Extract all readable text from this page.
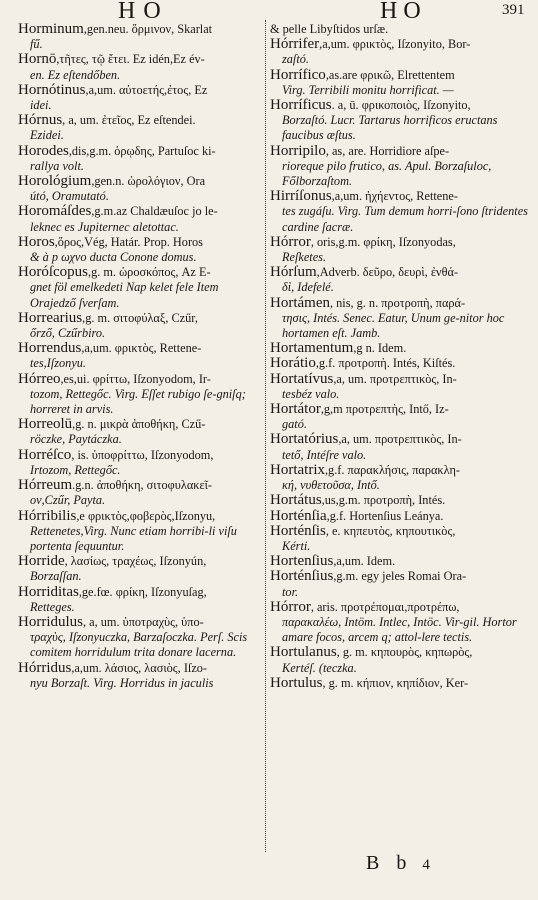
H O	H O	391

Horminum,gen.neu. ὅρμινον, Skarlat
fű.

Hornō,τῆτες, τῷ ἔτει. Ez idén,Ez év-
en. Ez eſtendőben.

Hornótinus,a,um. αὐτοετής,ἐτος, Ez
idei.

Hórnus, a, um. ἐτεῖος, Ez eſtendei.
Ezidei.

Horodes,dis,g.m. ὁρῳδης, Partuſoc ki-
rallya volt.

Horológium,gen.n. ὡρολόγιον, Ora
útó, Oramutató.

Horomáſdes,g.m.az Chaldæuſoc jo le-
leknec es Jupiternec aletottac.

Horos,ὅρος,Vég, Határ. Prop. Horos
& à p ωχνο ducta Conone domus.

Horóſcopus,g. m. ὡροσκόπος, Az E-
gnet föl emelkedeti Nap kelet fele Item Orajedző ſverſam.

Horrearius,g. m. σιτοφύλαξ, Czűr,
őrző, Czűrbiro.

Horrendus,a,um. φρικτὸς, Rettene-
tes,Iſzonyu.

Hórreo,es,ui. φρίττω, Iſzonyodom, Ir-
tozom, Rettegőc. Virg. Eſſet rubigo ſe-gniſq; horreret in arvis.

Horreolū,g. n. μικρὰ ἀποθήκη, Czű-
röczke, Paytáczka.

Horréſco, is. ὑποφρίττω, Iſzonyodom,
Irtozom, Rettegőc.

Hórreum.g.n. ἀποθήκη, σιτοφυλακεῖ-
ον,Czűr, Payta.

Hórribilis,e φρικτὸς,φοβερὸς,Iſzonyu,
Rettenetes,Virg. Nunc etiam horribi-li viſu portenta ſequuntur.

Horride, λασίως, τραχέως, Iſzonyún,
Borzaſſan.

Horriditas,ge.fœ. φρίκη, Iſzonyuſag,
Retteges.

Horridulus, a, um. ὑποτραχὺς, ὑπο-
τραχὺς, Iſzonyuczka, Barzaſoczka. Perſ. Scis comitem horridulum trita donare lacerna.

Hórridus,a,um. λάσιος, λασιὸς, Iſzo-
nyu Borzaſt. Virg. Horridus in jaculis

& pelle Libyſtidos urſæ.

Hórrifer,a,um. φρικτὸς, Iſzonyito, Bor-
zaſtó.

Horrífico,as.are φρικῶ, Elrettentem
Virg. Terribili monitu horrificat. —

Horríficus. a, ū. φρικοποιὸς, Iſzonyito,
Borzaſtó. Lucr. Tartarus horrificos eructans faucibus æſtus.

Horripilo, as, are. Horridiore aſpe-
rioreque pilo frutico, as. Apul. Borzaſuloc, Főlborzaſtom.

Hirríſonus,a,um. ἠχήεντος, Rettene-
tes zugáſu. Virg. Tum demum horri-ſono ſtridentes cardine ſacræ.

Hórror, oris,g.m. φρίκη, Iſzonyodas,
Reſketes.

Hórſum,Adverb. δεῦρο, δευρὶ, ἐνθά-
δὶ, Idefelé.

Hortámen, nis, g. n. προτροπὴ, παρά-
τησις, Intés. Senec. Eatur, Unum ge-nitor hoc hortamen eſt. Jamb.

Hortamentum,g n. Idem.

Horátio,g.f. προτροπὴ. Intés, Kiſtés.

Hortatívus,a, um. προτρεπτικὸς, In-
tesbéz valo.

Hortátor,g,m προτρεπτὴς, Intő, Iz-
gató.

Hortatórius,a, um. προτρεπτικὸς, In-
tető, Intéſre valo.

Hortatrix,g.f. παρακλήσις, παρακλη-
κή, νυθετοῦσα, Intő.

Hortátus,us,g.m. προτροπὴ, Intés.

Horténſia,g.f. Hortenſius Leánya.

Horténſis, e. κηπευτὸς, κηπουτικὸς,
Kérti.

Hortenſius,a,um. Idem.

Horténſius,g.m. egy jeles Romai Ora-
tor.

Hórror, aris. προτρέπομαι,προτρέπω,
παρακαλέω, Intöm. Intlec, Intöc. Vir-gil. Hortor amare focos, arcem q; attol-lere tectis.

Hortulanus, g. m. κηπουρὸς, κηπωρὸς,
Kertéſ. (teczka.

Hortulus, g. m. κήπιον, κηπίδιον, Ker-

B b 4
